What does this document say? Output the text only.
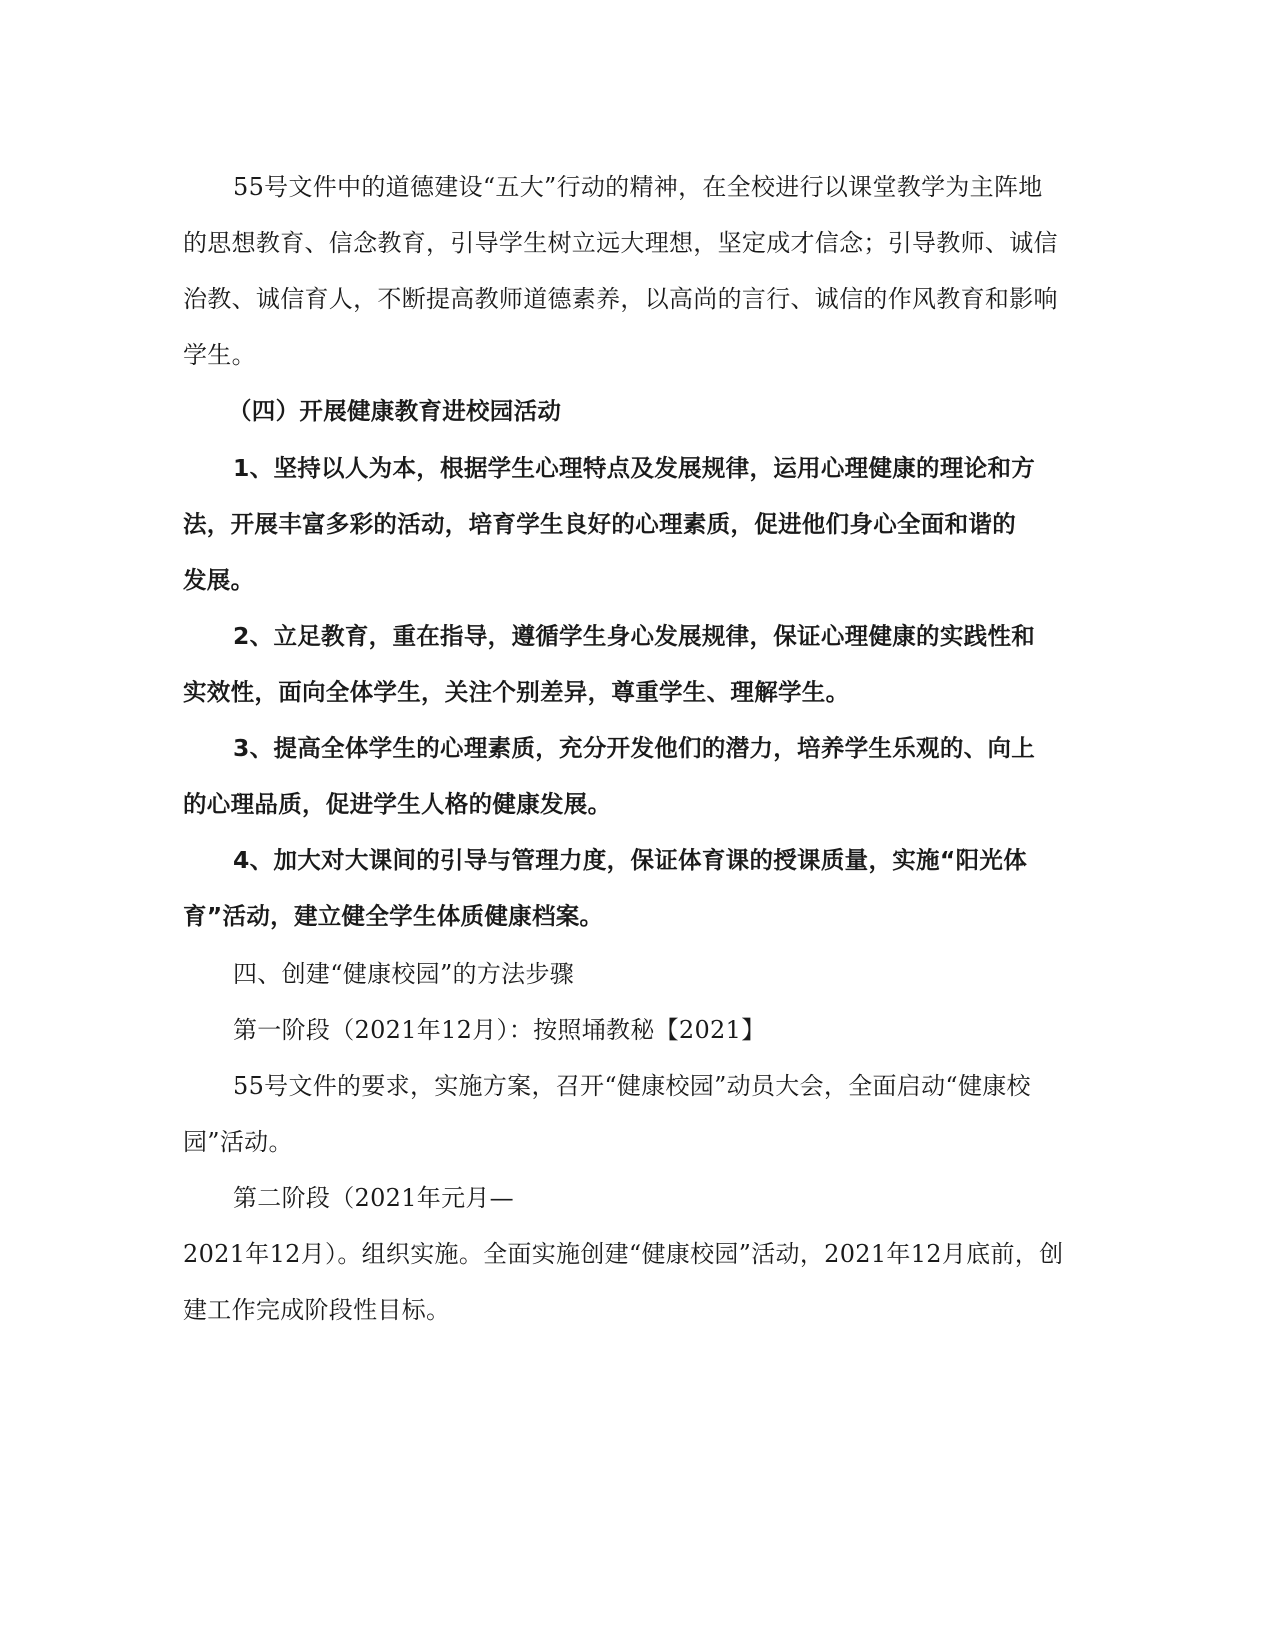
55号文件中的道德建设“五大”行动的精神，在全校进行以课堂教学为主阵地
的思想教育、信念教育，引导学生树立远大理想，坚定成才信念；引导教师、诚信
治教、诚信育人，不断提高教师道德素养，以高尚的言行、诚信的作风教育和影响
学生。
（四）开展健康教育进校园活动
1、坚持以人为本，根据学生心理特点及发展规律，运用心理健康的理论和方
法，开展丰富多彩的活动，培育学生良好的心理素质，促进他们身心全面和谐的
发展。
2、立足教育，重在指导，遵循学生身心发展规律，保证心理健康的实践性和
实效性，面向全体学生，关注个别差异，尊重学生、理解学生。
3、提高全体学生的心理素质，充分开发他们的潜力，培养学生乐观的、向上
的心理品质，促进学生人格的健康发展。
4、加大对大课间的引导与管理力度，保证体育课的授课质量，实施“阳光体
育”活动，建立健全学生体质健康档案。
四、创建“健康校园”的方法步骤
第一阶段（2021年12月）：按照埇教秘【2021】
55号文件的要求，实施方案，召开“健康校园”动员大会，全面启动“健康校
园”活动。
第二阶段（2021年元月—
2021年12月）。组织实施。全面实施创建“健康校园”活动，2021年12月底前，创
建工作完成阶段性目标。
